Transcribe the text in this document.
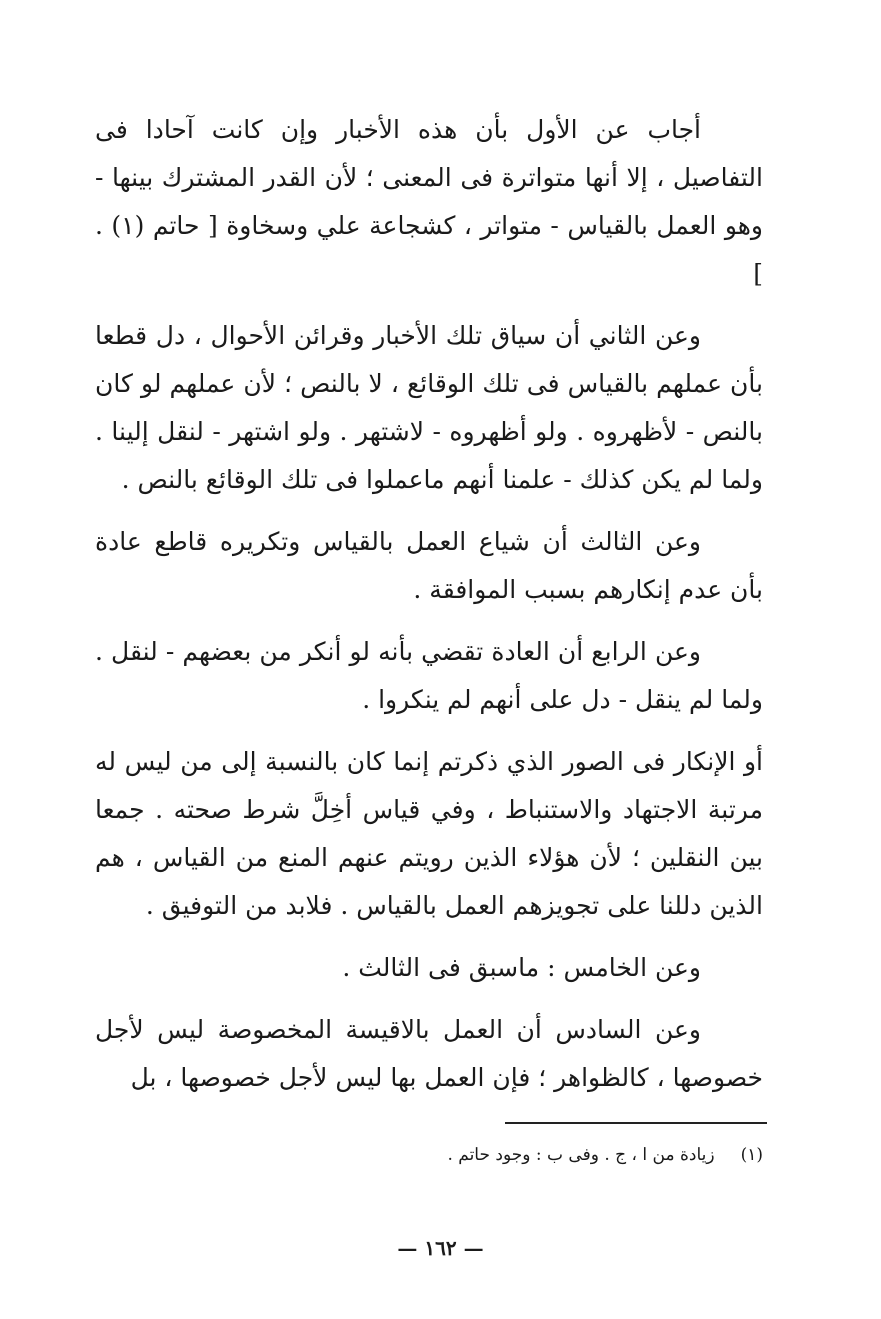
أجاب عن الأول بأن هذه الأخبار وإن كانت آحادا فى التفاصيل ، إلا أنها متواترة فى المعنى ؛ لأن القدر المشترك بينها - وهو العمل بالقياس - متواتر ، كشجاعة علي وسخاوة [ حاتم (١) . ]

وعن الثاني أن سياق تلك الأخبار وقرائن الأحوال ، دل قطعا بأن عملهم بالقياس فى تلك الوقائع ، لا بالنص ؛ لأن عملهم لو كان بالنص - لأظهروه . ولو أظهروه - لاشتهر . ولو اشتهر - لنقل إلينا . ولما لم يكن كذلك - علمنا أنهم ماعملوا فى تلك الوقائع بالنص .

وعن الثالث أن شياع العمل بالقياس وتكريره قاطع عادة بأن عدم إنكارهم بسبب الموافقة .

وعن الرابع أن العادة تقضي بأنه لو أنكر من بعضهم - لنقل . ولما لم ينقل - دل على أنهم لم ينكروا .

أو الإنكار فى الصور الذي ذكرتم إنما كان بالنسبة إلى من ليس له مرتبة الاجتهاد والاستنباط ، وفي قياس أخِلَّ شرط صحته . جمعا بين النقلين ؛ لأن هؤلاء الذين رويتم عنهم المنع من القياس ، هم الذين دللنا على تجويزهم العمل بالقياس . فلابد من التوفيق .

وعن الخامس : ماسبق فى الثالث .

وعن السادس أن العمل بالاقيسة المخصوصة ليس لأجل خصوصها ، كالظواهر ؛ فإن العمل بها ليس لأجل خصوصها ، بل

(١)زيادة من ا ، ج . وفى ب : وجود حاتم .
— ١٦٢ —
